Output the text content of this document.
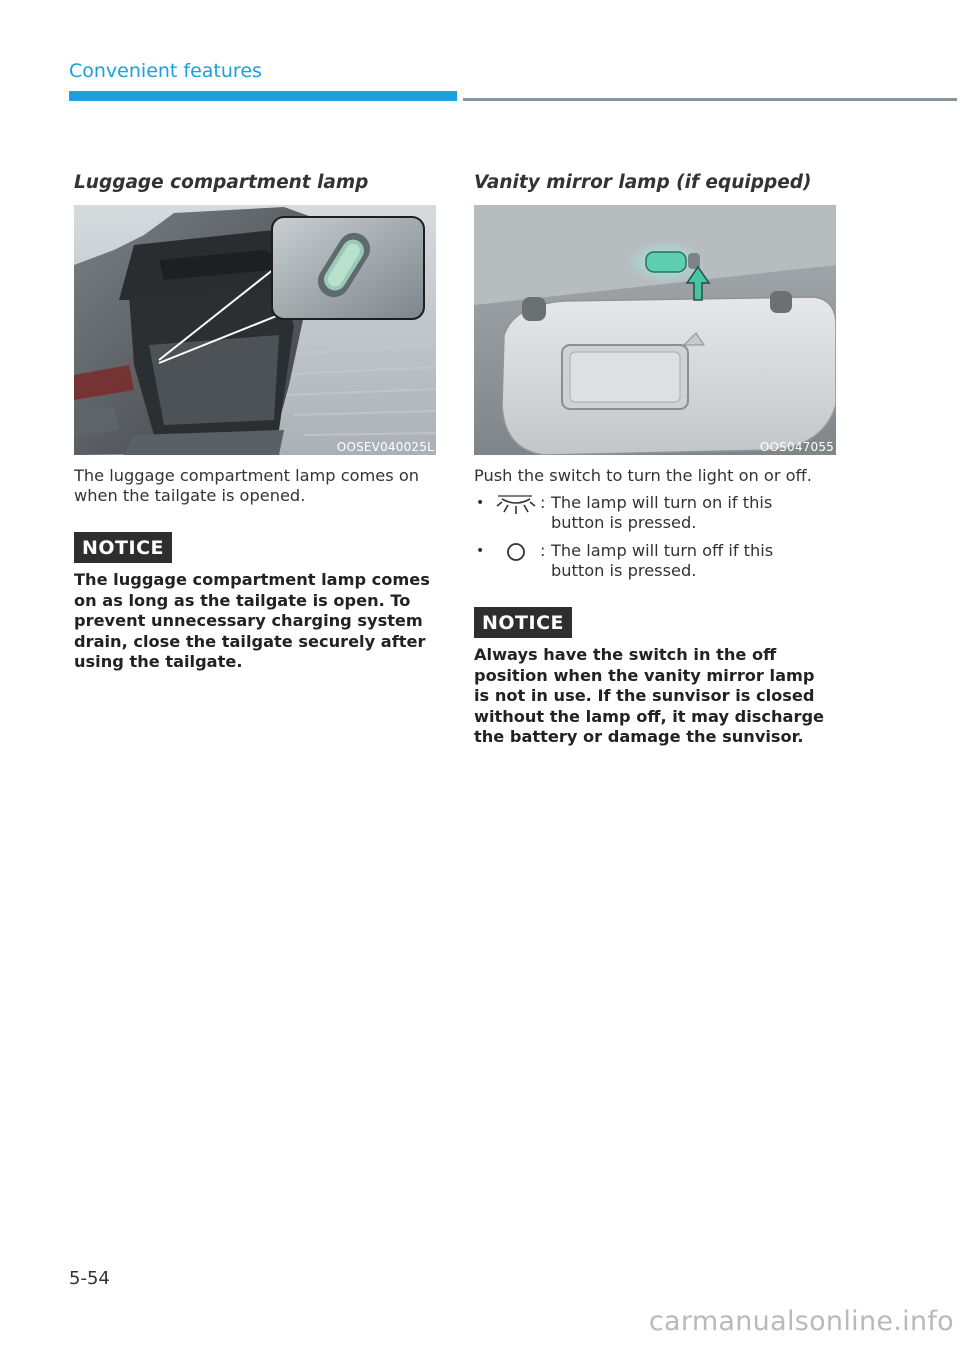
Convenient features
Luggage compartment lamp
OOSEV040025L

The luggage compartment lamp comes on when the tailgate is opened.

NOTICE

The luggage compartment lamp comes on as long as the tailgate is open. To prevent unnecessary charging system drain, close the tailgate securely after using the tailgate.

Vanity mirror lamp (if equipped)
OOS047055

Push the switch to turn the light on or off.

•	: The lamp will turn on if this button is pressed.

•	: The lamp will turn off if this button is pressed.

NOTICE

Always have the switch in the off position when the vanity mirror lamp is not in use. If the sunvisor is closed without the lamp off, it may discharge the battery or damage the sunvisor.

5-54
carmanualsonline.info
